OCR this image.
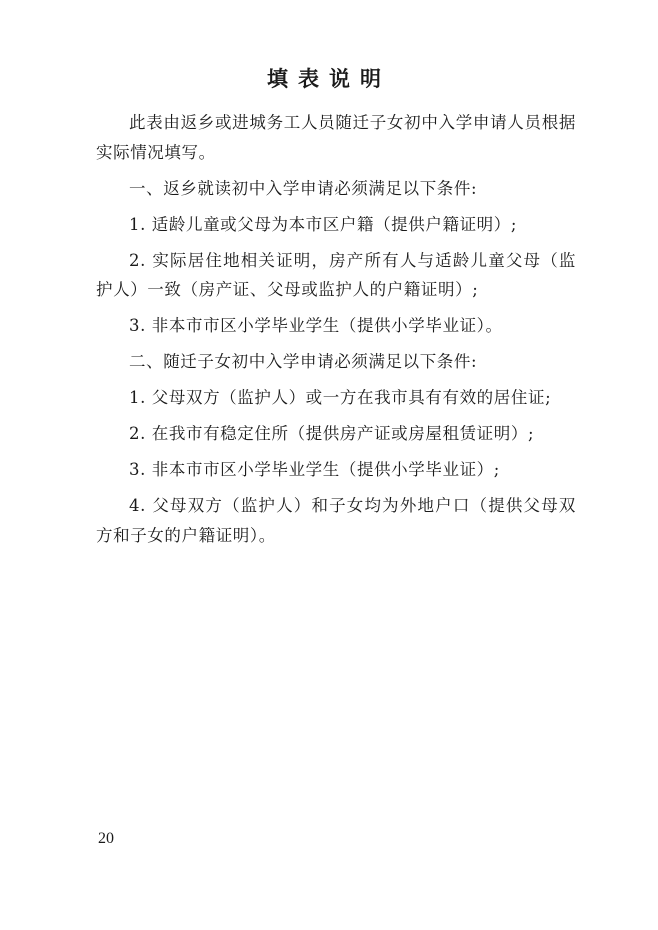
填表说明

此表由返乡或进城务工人员随迁子女初中入学申请人员根据实际情况填写。

一、返乡就读初中入学申请必须满足以下条件:

1. 适龄儿童或父母为本市区户籍（提供户籍证明）;

2. 实际居住地相关证明，房产所有人与适龄儿童父母（监护人）一致（房产证、父母或监护人的户籍证明）;

3. 非本市市区小学毕业学生（提供小学毕业证）。

二、随迁子女初中入学申请必须满足以下条件:

1. 父母双方（监护人）或一方在我市具有有效的居住证;

2. 在我市有稳定住所（提供房产证或房屋租赁证明）;

3. 非本市市区小学毕业学生（提供小学毕业证）;

4. 父母双方（监护人）和子女均为外地户口（提供父母双方和子女的户籍证明）。

20
